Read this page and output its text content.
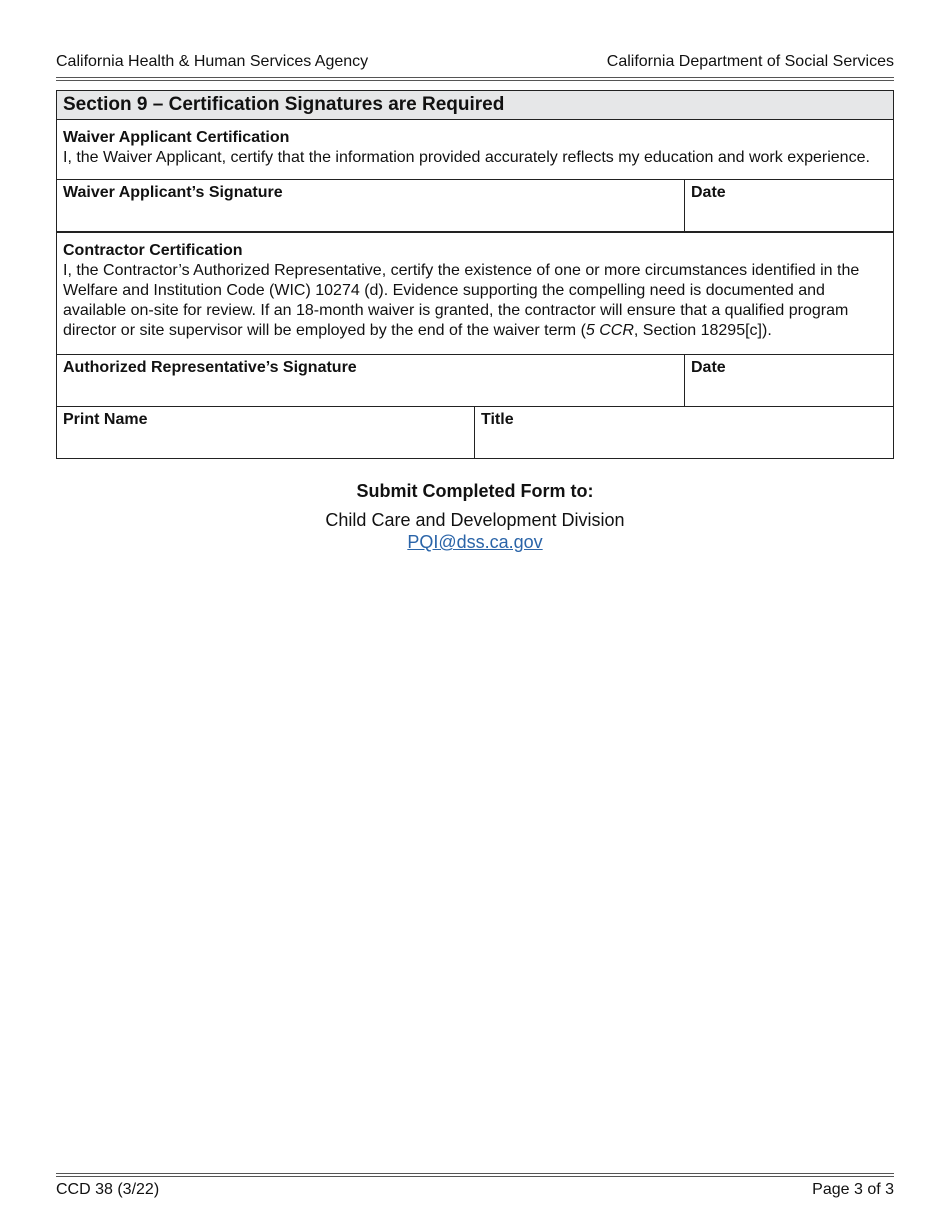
California Health & Human Services Agency	California Department of Social Services
Section 9 – Certification Signatures are Required
Waiver Applicant Certification
I, the Waiver Applicant, certify that the information provided accurately reflects my education and work experience.
Waiver Applicant’s Signature	Date
Contractor Certification
I, the Contractor’s Authorized Representative, certify the existence of one or more circumstances identified in the Welfare and Institution Code (WIC) 10274 (d). Evidence supporting the compelling need is documented and available on-site for review. If an 18-month waiver is granted, the contractor will ensure that a qualified program director or site supervisor will be employed by the end of the waiver term (5 CCR, Section 18295[c]).
Authorized Representative’s Signature	Date
Print Name	Title
Submit Completed Form to:
Child Care and Development Division
PQI@dss.ca.gov
CCD 38 (3/22)	Page 3 of 3
